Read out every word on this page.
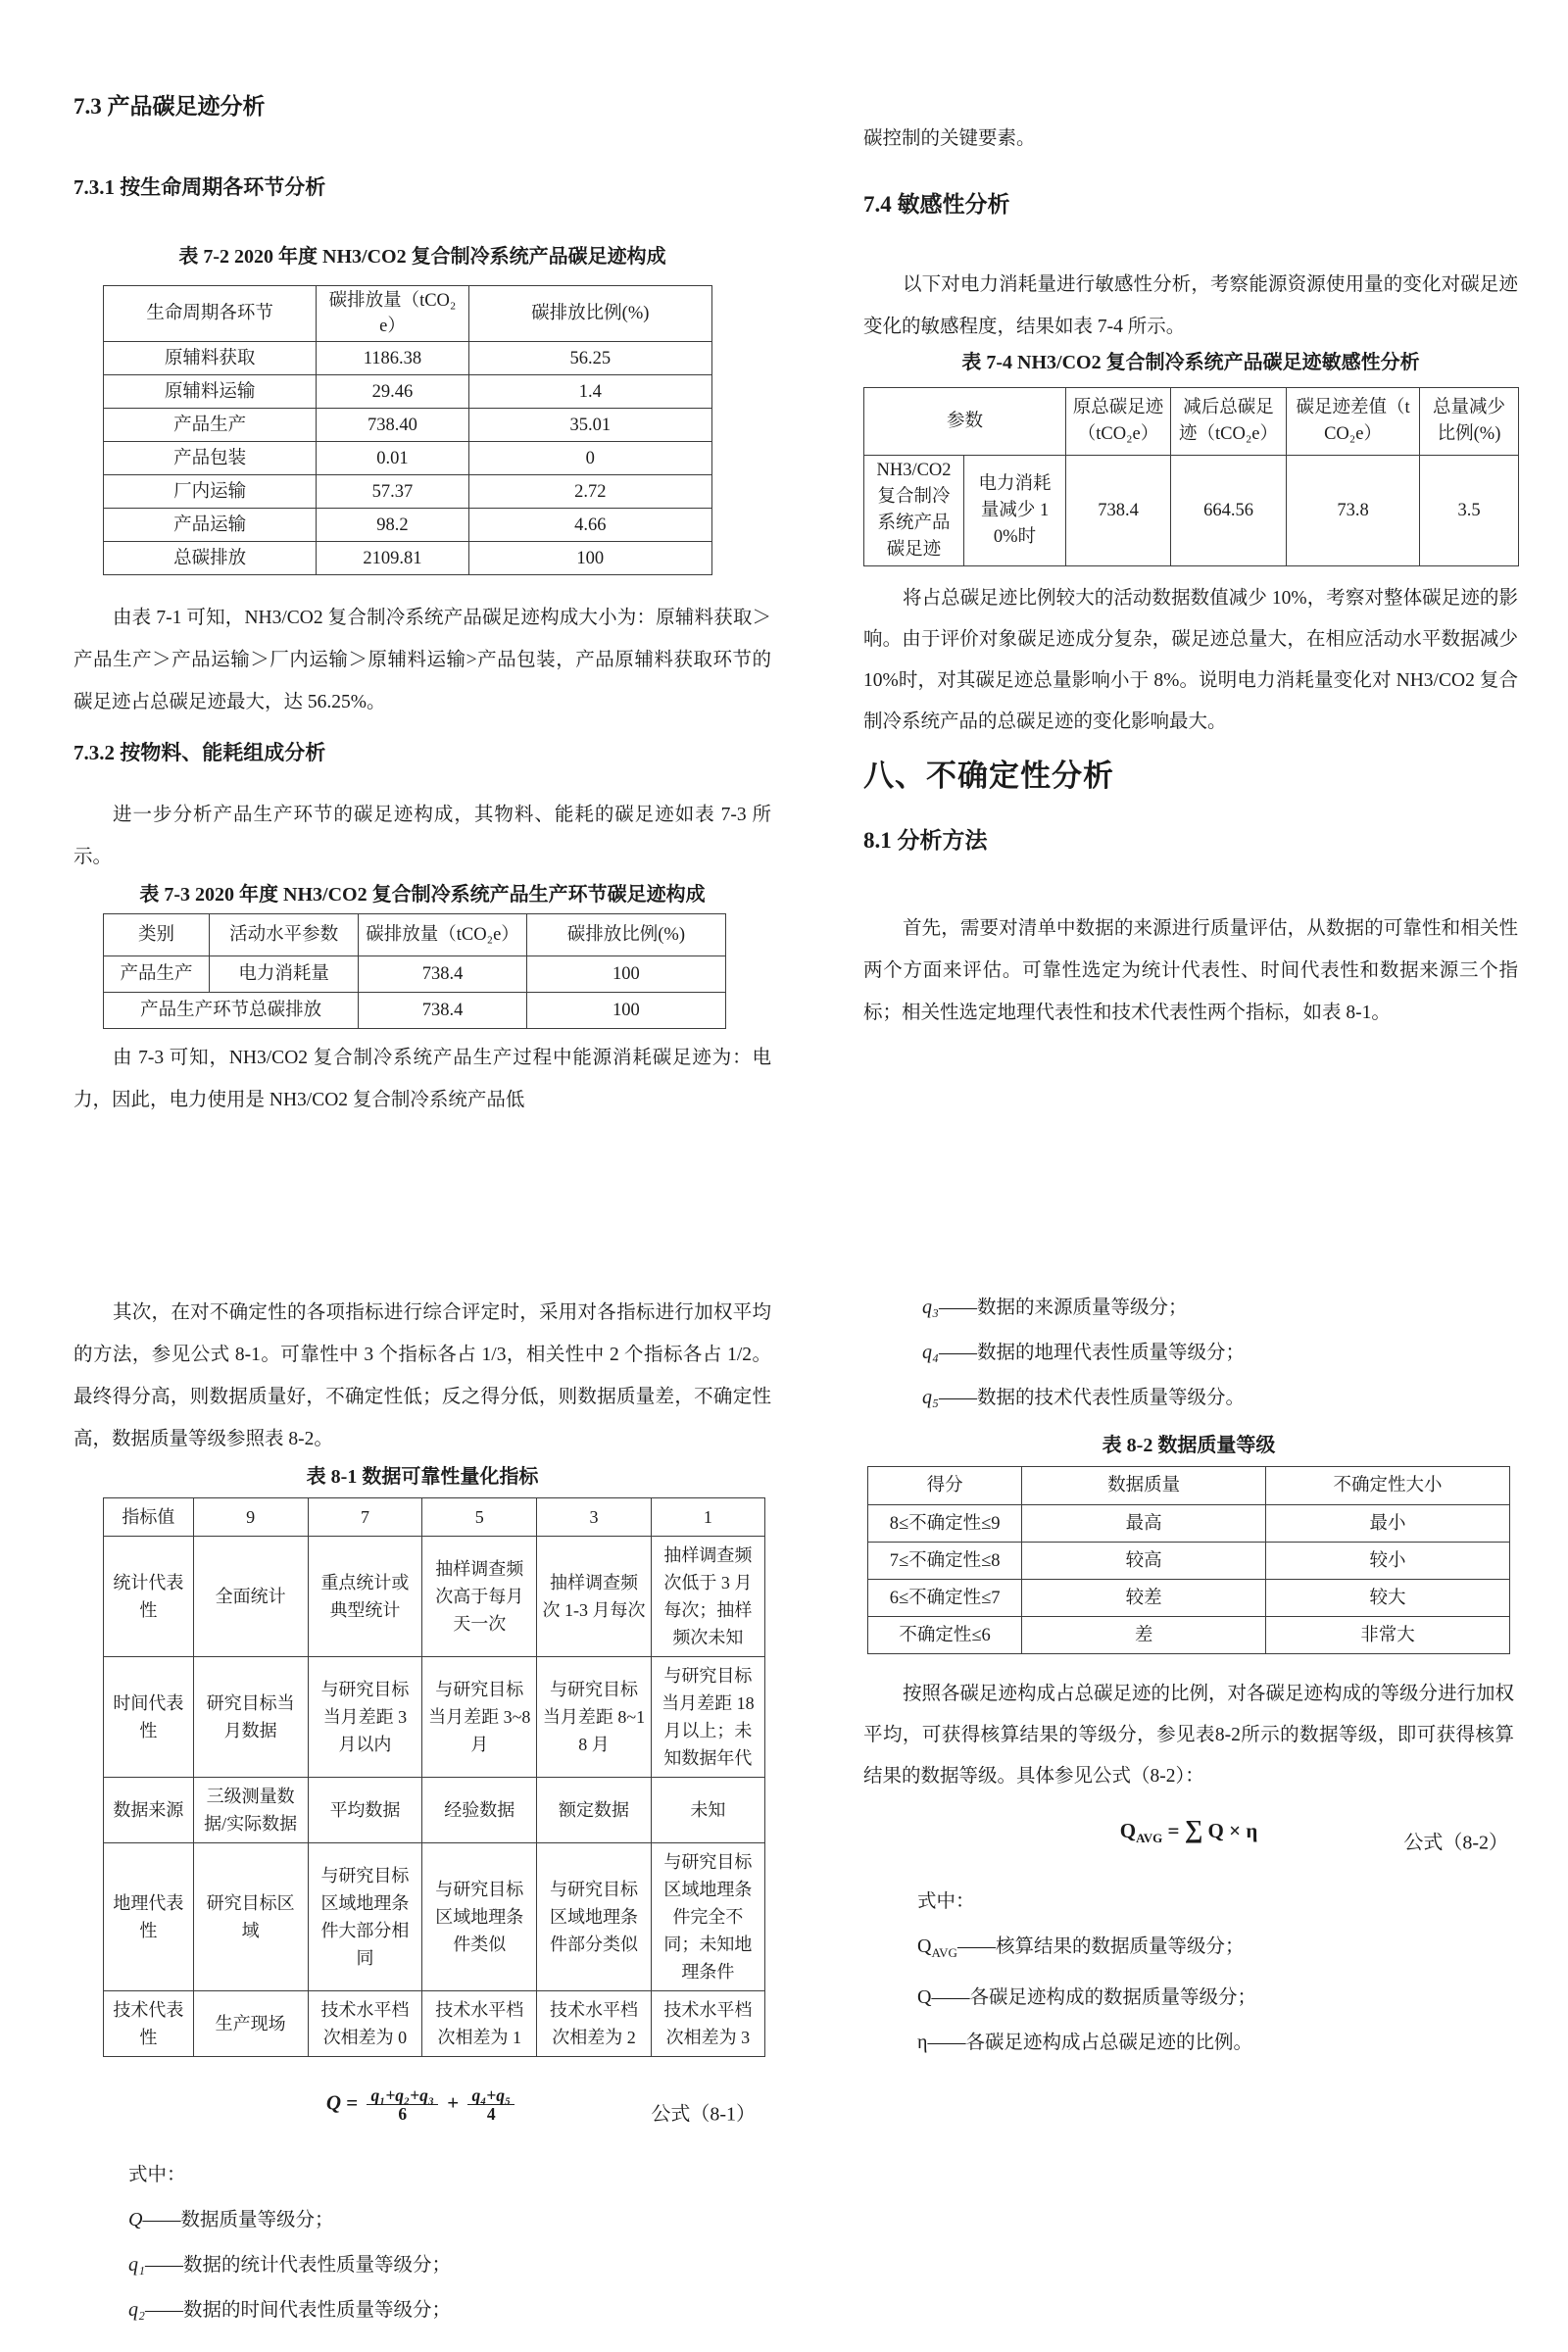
7.3 产品碳足迹分析
7.3.1 按生命周期各环节分析
表 7-2 2020 年度 NH3/CO2 复合制冷系统产品碳足迹构成
生命周期各环节	碳排放量（tCO₂e）	碳排放比例(%)
原辅料获取	1186.38	56.25
原辅料运输	29.46	1.4
产品生产	738.40	35.01
产品包装	0.01	0
厂内运输	57.37	2.72
产品运输	98.2	4.66
总碳排放	2109.81	100

由表 7-1 可知，NH3/CO2 复合制冷系统产品碳足迹构成大小为：原辅料获取＞产品生产＞产品运输＞厂内运输＞原辅料运输>产品包装，产品原辅料获取环节的碳足迹占总碳足迹最大，达 56.25%。

7.3.2 按物料、能耗组成分析

进一步分析产品生产环节的碳足迹构成，其物料、能耗的碳足迹如表 7-3 所示。

表 7-3 2020 年度 NH3/CO2 复合制冷系统产品生产环节碳足迹构成
类别	活动水平参数	碳排放量（tCO₂e）	碳排放比例(%)
产品生产	电力消耗量	738.4	100
产品生产环节总碳排放		738.4	100

由 7-3 可知，NH3/CO2 复合制冷系统产品生产过程中能源消耗碳足迹为：电力，因此，电力使用是 NH3/CO2 复合制冷系统产品低

碳控制的关键要素。

7.4 敏感性分析

以下对电力消耗量进行敏感性分析，考察能源资源使用量的变化对碳足迹变化的敏感程度，结果如表 7-4 所示。

表 7-4 NH3/CO2 复合制冷系统产品碳足迹敏感性分析
参数		原总碳足迹（tCO₂e）	减后总碳足迹（tCO₂e）	碳足迹差值（tCO₂e）	总量减少比例(%)
NH3/CO2 复合制冷系统产品碳足迹	电力消耗量减少 10%时	738.4	664.56	73.8	3.5

将占总碳足迹比例较大的活动数据数值减少 10%，考察对整体碳足迹的影响。由于评价对象碳足迹成分复杂，碳足迹总量大，在相应活动水平数据减少 10%时，对其碳足迹总量影响小于 8%。说明电力消耗量变化对 NH3/CO2 复合制冷系统产品的总碳足迹的变化影响最大。

八、不确定性分析
8.1 分析方法

首先，需要对清单中数据的来源进行质量评估，从数据的可靠性和相关性两个方面来评估。可靠性选定为统计代表性、时间代表性和数据来源三个指标；相关性选定地理代表性和技术代表性两个指标，如表 8-1。

其次，在对不确定性的各项指标进行综合评定时，采用对各指标进行加权平均的方法，参见公式 8-1。可靠性中 3 个指标各占 1/3，相关性中 2 个指标各占 1/2。最终得分高，则数据质量好，不确定性低；反之得分低，则数据质量差，不确定性高，数据质量等级参照表 8-2。

表 8-1 数据可靠性量化指标
指标值	9	7	5	3	1
统计代表性	全面统计	重点统计或典型统计	抽样调查频次高于每月天一次	抽样调查频次 1-3 月每次	抽样调查频次低于 3 月每次；抽样频次未知
时间代表性	研究目标当月数据	与研究目标当月差距 3 月以内	与研究目标当月差距 3~8 月	与研究目标当月差距 8~18 月	与研究目标当月差距 18 月以上；未知数据年代
数据来源	三级测量数据/实际数据	平均数据	经验数据	额定数据	未知
地理代表性	研究目标区域	与研究目标区域地理条件大部分相同	与研究目标区域地理条件类似	与研究目标区域地理条件部分类似	与研究目标区域地理条件完全不同；未知地理条件
技术代表性	生产现场	技术水平档次相差为 0	技术水平档次相差为 1	技术水平档次相差为 2	技术水平档次相差为 3
$Q = \frac{\text{q₁+q₂+q₃}}{6} + \frac{\text{q₄+q₅}}{4}$	公式（8-1）
式中：
Q——数据质量等级分；
q₁——数据的统计代表性质量等级分；
q₂——数据的时间代表性质量等级分；
q₃——数据的来源质量等级分；
q₄——数据的地理代表性质量等级分；
q₅——数据的技术代表性质量等级分。
表 8-2 数据质量等级
得分	数据质量	不确定性大小
8≤不确定性≤9	最高	最小
7≤不确定性≤8	较高	较小
6≤不确定性≤7	较差	较大
不确定性≤6	差	非常大

按照各碳足迹构成占总碳足迹的比例，对各碳足迹构成的等级分进行加权平均，可获得核算结果的等级分，参见表8-2所示的数据等级，即可获得核算结果的数据等级。具体参见公式（8-2）：

$Q_{AVG}$ = ∑ Q × η
公式（8-2）
式中：
$Q_{AVG}——$核算结果的数据质量等级分；
Q——各碳足迹构成的数据质量等级分；
η——各碳足迹构成占总碳足迹的比例。
